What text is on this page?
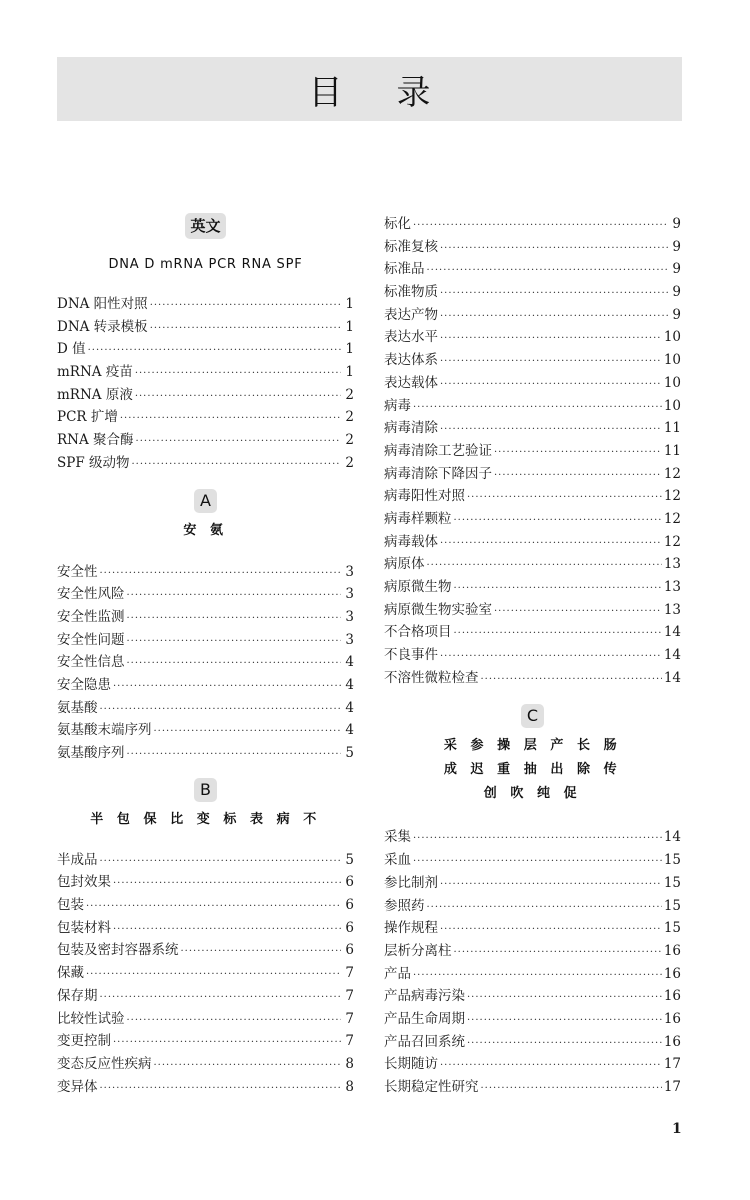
目 录
英文
DNA D mRNA PCR RNA SPF
DNA 阳性对照 ·····	1
DNA 转录模板 ·····	1
D 值 ·····	1
mRNA 疫苗 ·····	1
mRNA 原液 ·····	2
PCR 扩增 ·····	2
RNA 聚合酶 ·····	2
SPF 级动物 ·····	2
A
安 氨
安全性 ·····	3
安全性风险 ·····	3
安全性监测 ·····	3
安全性问题 ·····	3
安全性信息 ·····	4
安全隐患 ·····	4
氨基酸 ·····	4
氨基酸末端序列 ·····	4
氨基酸序列 ·····	5
B
半 包 保 比 变 标 表 病 不
半成品 ·····	5
包封效果 ·····	6
包装 ·····	6
包装材料 ·····	6
包装及密封容器系统 ·····	6
保藏 ·····	7
保存期 ·····	7
比较性试验 ·····	7
变更控制 ·····	7
变态反应性疾病 ·····	8
变异体 ·····	8
标化 ·····	9
标准复核 ·····	9
标准品 ·····	9
标准物质 ·····	9
表达产物 ·····	9
表达水平 ·····	10
表达体系 ·····	10
表达载体 ·····	10
病毒 ·····	10
病毒清除 ·····	11
病毒清除工艺验证 ·····	11
病毒清除下降因子 ·····	12
病毒阳性对照 ·····	12
病毒样颗粒 ·····	12
病毒载体 ·····	12
病原体 ·····	13
病原微生物 ·····	13
病原微生物实验室 ·····	13
不合格项目 ·····	14
不良事件 ·····	14
不溶性微粒检查 ·····	14
C
采 参 操 层 产 长 肠
成 迟 重 抽 出 除 传
创 吹 纯 促
采集 ·····	14
采血 ·····	15
参比制剂 ·····	15
参照药 ·····	15
操作规程 ·····	15
层析分离柱 ·····	16
产品 ·····	16
产品病毒污染 ·····	16
产品生命周期 ·····	16
产品召回系统 ·····	16
长期随访 ·····	17
长期稳定性研究 ·····	17
1
